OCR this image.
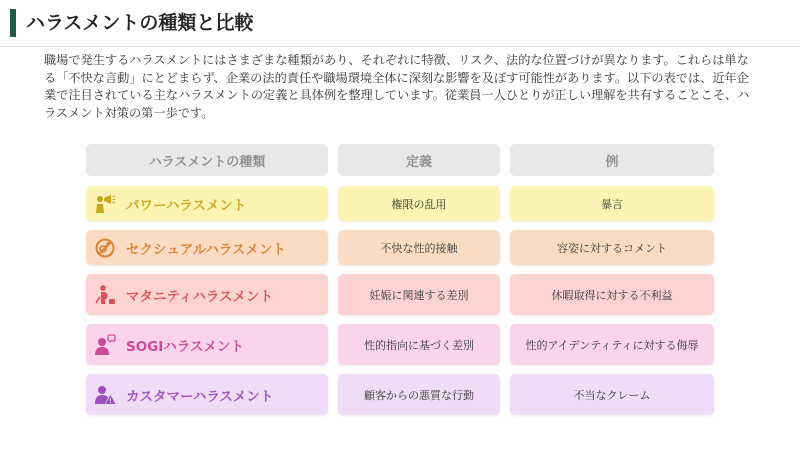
ハラスメントの種類と比較
職場で発生するハラスメントにはさまざまな種類があり、それぞれに特徴、リスク、法的な位置づけが異なります。これらは単なる「不快な言動」にとどまらず、企業の法的責任や職場環境全体に深刻な影響を及ぼす可能性があります。以下の表では、近年企業で注目されている主なハラスメントの定義と具体例を整理しています。従業員一人ひとりが正しい理解を共有することこそ、ハラスメント対策の第一歩です。
ハラスメントの種類	定義	例
パワーハラスメント	権限の乱用	暴言
セクシュアルハラスメント	不快な性的接触	容姿に対するコメント
マタニティハラスメント	妊娠に関連する差別	休暇取得に対する不利益
SOGIハラスメント	性的指向に基づく差別	性的アイデンティティに対する侮辱
カスタマーハラスメント	顧客からの悪質な行動	不当なクレーム
